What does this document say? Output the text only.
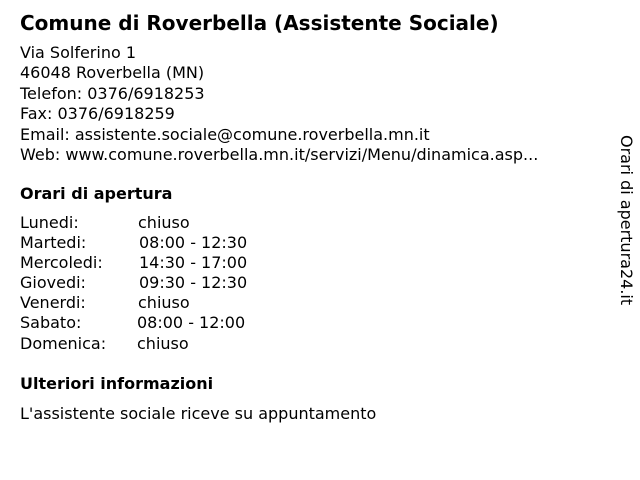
Comune di Roverbella (Assistente Sociale)
Via Solferino 1
46048 Roverbella (MN)
Telefon: 0376/6918253
Fax: 0376/6918259
Email: assistente.sociale@comune.roverbella.mn.it
Web: www.comune.roverbella.mn.it/servizi/Menu/dinamica.asp...
Orari di apertura
Lunedi:	chiuso
Martedi:	08:00 - 12:30
Mercoledi: 14:30 - 17:00
Giovedi:	09:30 - 12:30
Venerdi:	chiuso
Sabato:	08:00 - 12:00
Domenica: chiuso
Ulteriori informazioni
L'assistente sociale riceve su appuntamento
Orari di apertura24.it
